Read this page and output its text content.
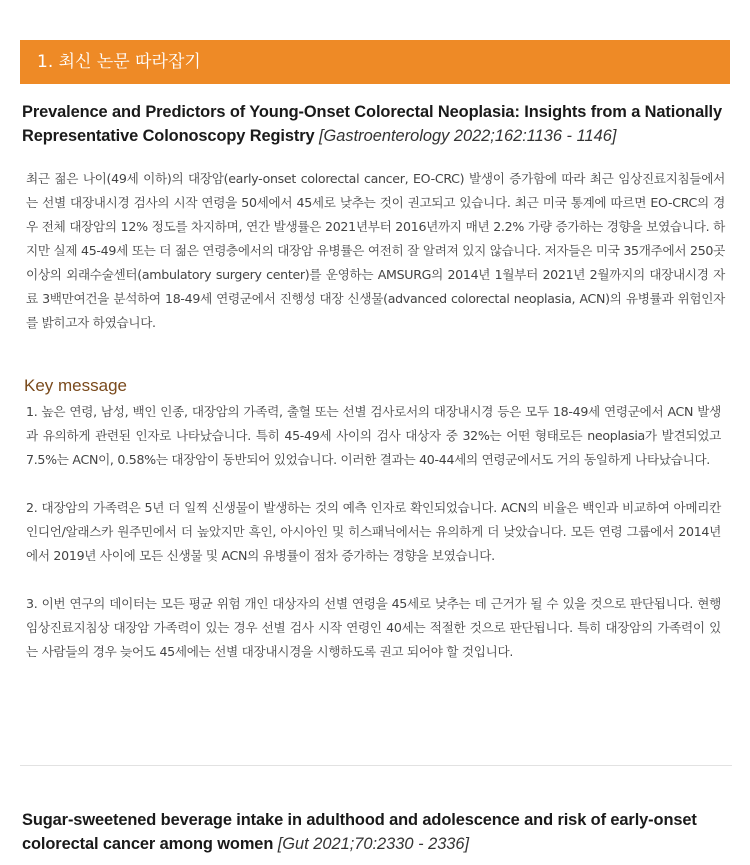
1. 최신 논문 따라잡기
Prevalence and Predictors of Young-Onset Colorectal Neoplasia: Insights from a Nationally Representative Colonoscopy Registry [Gastroenterology 2022;162:1136 - 1146]

최근 젊은 나이(49세 이하)의 대장암(early-onset colorectal cancer, EO-CRC) 발생이 증가함에 따라 최근 임상진료지침들에서는 선별 대장내시경 검사의 시작 연령을 50세에서 45세로 낮추는 것이 권고되고 있습니다. 최근 미국 통계에 따르면 EO-CRC의 경우 전체 대장암의 12% 정도를 차지하며, 연간 발생률은 2021년부터 2016년까지 매년 2.2% 가량 증가하는 경향을 보였습니다. 하지만 실제 45-49세 또는 더 젊은 연령층에서의 대장암 유병률은 여전히 잘 알려져 있지 않습니다. 저자들은 미국 35개주에서 250곳 이상의 외래수술센터(ambulatory surgery center)를 운영하는 AMSURG의 2014년 1월부터 2021년 2월까지의 대장내시경 자료 3백만여건을 분석하여 18-49세 연령군에서 진행성 대장 신생물(advanced colorectal neoplasia, ACN)의 유병률과 위험인자를 밝히고자 하였습니다.

Key message

1. 높은 연령, 남성, 백인 인종, 대장암의 가족력, 출혈 또는 선별 검사로서의 대장내시경 등은 모두 18-49세 연령군에서 ACN 발생과 유의하게 관련된 인자로 나타났습니다. 특히 45-49세 사이의 검사 대상자 중 32%는 어떤 형태로든 neoplasia가 발견되었고 7.5%는 ACN이, 0.58%는 대장암이 동반되어 있었습니다. 이러한 결과는 40-44세의 연령군에서도 거의 동일하게 나타났습니다.

2. 대장암의 가족력은 5년 더 일찍 신생물이 발생하는 것의 예측 인자로 확인되었습니다. ACN의 비율은 백인과 비교하여 아메리칸 인디언/알래스카 원주민에서 더 높았지만 흑인, 아시아인 및 히스패닉에서는 유의하게 더 낮았습니다. 모든 연령 그룹에서 2014년에서 2019년 사이에 모든 신생물 및 ACN의 유병률이 점차 증가하는 경향을 보였습니다.

3. 이번 연구의 데이터는 모든 평균 위험 개인 대상자의 선별 연령을 45세로 낮추는 데 근거가 될 수 있을 것으로 판단됩니다. 현행 임상진료지침상 대장암 가족력이 있는 경우 선별 검사 시작 연령인 40세는 적절한 것으로 판단됩니다. 특히 대장암의 가족력이 있는 사람들의 경우 늦어도 45세에는 선별 대장내시경을 시행하도록 권고 되어야 할 것입니다.

Sugar-sweetened beverage intake in adulthood and adolescence and risk of early-onset colorectal cancer among women [Gut 2021;70:2330 - 2336]
